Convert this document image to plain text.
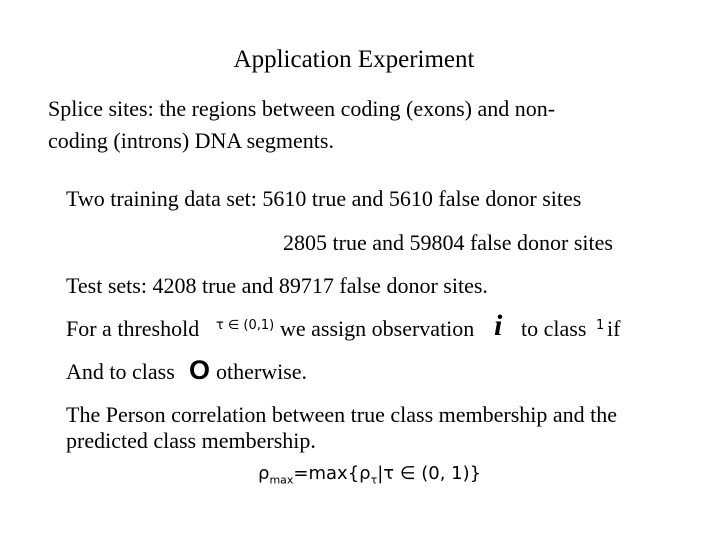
Application Experiment
Splice sites: the regions between coding (exons) and non-
coding (introns) DNA segments.
Two training data set: 5610 true and 5610 false donor sites
2805 true and 59804 false donor sites
Test sets: 4208 true and 89717 false donor sites.
For a threshold τ ∈ (0,1) we assign observation i to class 1 if
And to class O otherwise.
The Person correlation between true class membership and the
predicted class membership.
$\rho_{max}=\max\{\rho_\tau|\tau$ ∈ (0, 1)}
